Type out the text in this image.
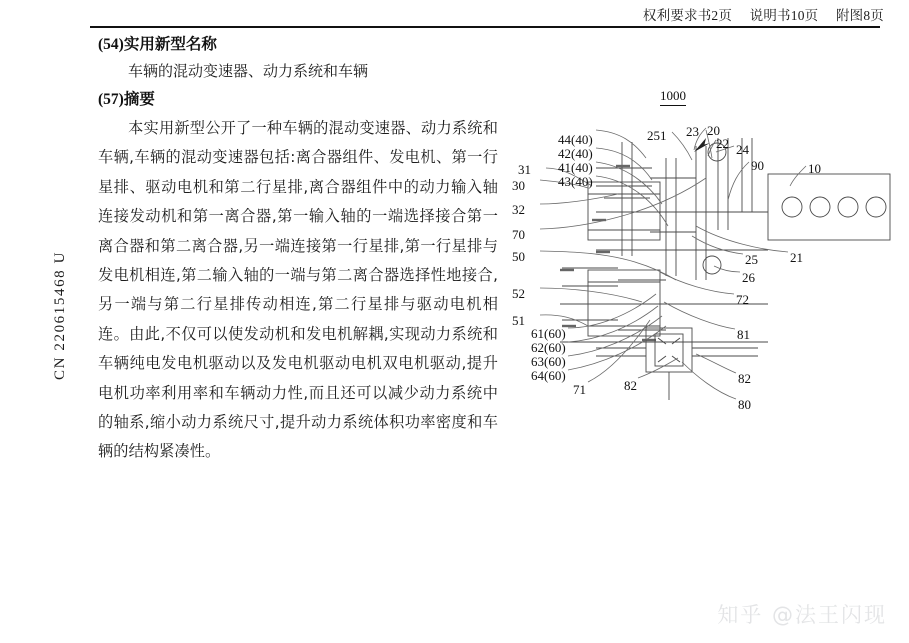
权利要求书2页 说明书10页 附图8页
CN 220615468 U
(54)实用新型名称
车辆的混动变速器、动力系统和车辆
(57)摘要
本实用新型公开了一种车辆的混动变速器、动力系统和车辆,车辆的混动变速器包括:离合器组件、发电机、第一行星排、驱动电机和第二行星排,离合器组件中的动力输入轴连接发动机和第一离合器,第一输入轴的一端选择接合第一离合器和第二离合器,另一端连接第一行星排,第一行星排与发电机相连,第二输入轴的一端与第二离合器选择性地接合,另一端与第二行星排传动相连,第二行星排与驱动电机相连。由此,不仅可以使发动机和发电机解耦,实现动力系统和车辆纯电发电机驱动以及发电机驱动电机双电机驱动,提升电机功率利用率和车辆动力性,而且还可以减少动力系统中的轴系,缩小动力系统尺寸,提升动力系统体积功率密度和车辆的结构紧凑性。
1000
44(40)
42(40)
41(40)
43(40)
251 23 20
22 24
90	10
31
30
32
70
50	21
25
26
52	72
51
61(60)
62(60)
63(60)
64(60)
81
71	82	82
80
知乎 @法王闪现
